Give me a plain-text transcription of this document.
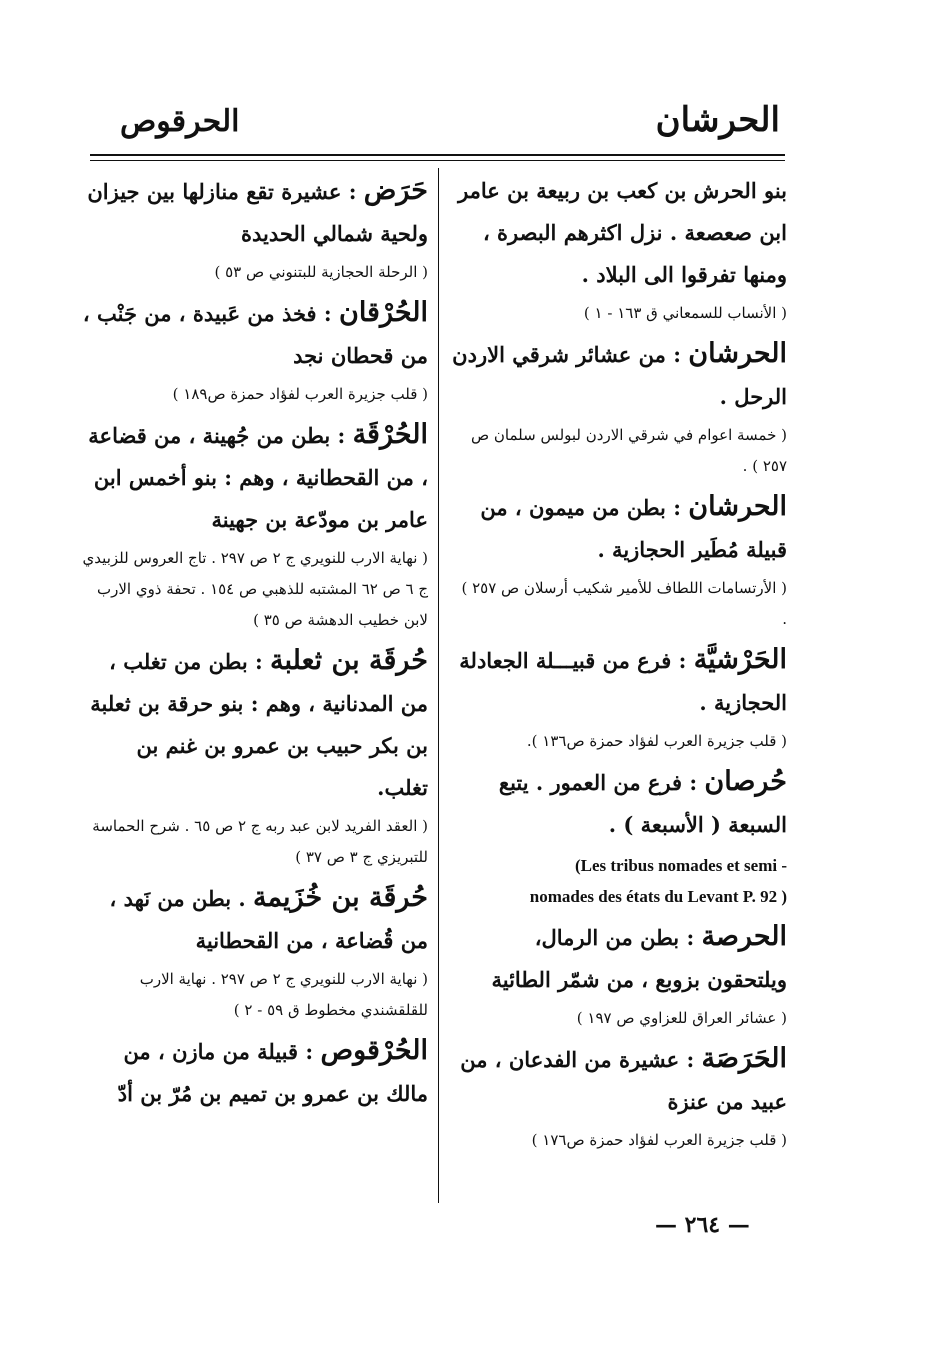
الحرشان
الحرقوص

بنو الحرش بن كعب بن ربيعة بن عامر ابن صعصعة . نزل اكثرهم البصرة ، ومنها تفرقوا الى البلاد .

( الأنساب للسمعاني ق ١٦٣ - ١ )

الحرشان : من عشائر شرقي الاردن الرحل .

( خمسة اعوام في شرقي الاردن لبولس سلمان ص ٢٥٧ ) .

الحرشان : بطن من ميمون ، من قبيلة مُطَير الحجازية .

( الأرتسامات اللطاف للأمير شكيب أرسلان ص ٢٥٧ ) .

الحَرْشيَّة : فرع من قبيـــلة الجعادلة الحجازية .

( قلب جزيرة العرب لفؤاد حمزة ص١٣٦ ).

حُرصان : فرع من العمور . يتبع السبعة ( الأسبعة ) .

(Les tribus nomades et semi -
nomades des états du Levant P. 92 )

الحرصة : بطن من الرمال، ويلتحقون بزوبع ، من شمّر الطائية

( عشائر العراق للعزاوي ص ١٩٧ )

الحَرَصَة : عشيرة من الفدعان ، من عبيد من عنزة

( قلب جزيرة العرب لفؤاد حمزة ص١٧٦ )

حَرَض : عشيرة تقع منازلها بين جيزان ولحية شمالي الحديدة

( الرحلة الحجازية للبتنوني ص ٥٣ )

الحُرْقان : فخذ من عَبيدة ، من جَنْب ، من قحطان نجد

( قلب جزيرة العرب لفؤاد حمزة ص١٨٩ )

الحُرْقَة : بطن من جُهينة ، من قضاعة ، من القحطانية ، وهم : بنو أخمس ابن عامر بن مودّعة بن جهينة

( نهاية الارب للنويري ج ٢ ص ٢٩٧ . تاج العروس للزبيدي ج ٦ ص ٦٢ المشتبه للذهبي ص ١٥٤ . تحفة ذوي الارب لابن خطيب الدهشة ص ٣٥ )

حُرقَة بن ثعلبة : بطن من تغلب ، من المدنانية ، وهم : بنو حرقة بن ثعلبة بن بكر حبيب بن عمرو بن غنم بن تغلب.

( العقد الفريد لابن عبد ربه ج ٢ ص ٦٥ . شرح الحماسة للتبريزي ج ٣ ص ٣٧ )

حُرقَة بن خُزَيمة . بطن من نَهد ، من قُضاعة ، من القحطانية

( نهاية الارب للنويري ج ٢ ص ٢٩٧ . نهاية الارب للقلقشندي مخطوط ق ٥٩ - ٢ )

الحُرْقوص : قبيلة من مازن ، من مالك بن عمرو بن تميم بن مُرّ بن أدّ

— ٢٦٤ —
